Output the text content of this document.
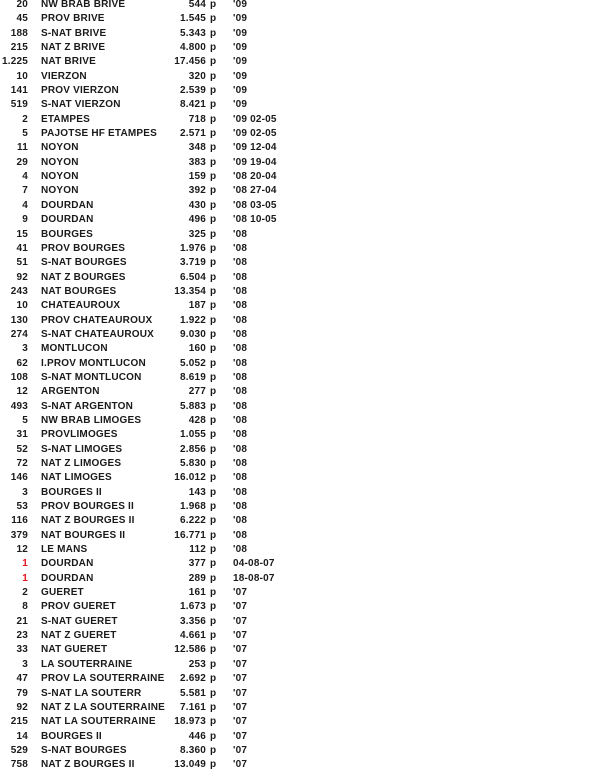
20 NW BRAB BRIVE	544 p '09
45 PROV BRIVE	1.545 p '09
188 S-NAT BRIVE	5.343 p '09
215 NAT Z BRIVE	4.800 p '09
1.225 NAT BRIVE	17.456 p '09
10 VIERZON	320 p '09
141 PROV VIERZON	2.539 p '09
519 S-NAT VIERZON	8.421 p '09
2 ETAMPES	718 p '09 02-05
5 PAJOTSE HF ETAMPES 2.571 p '09 02-05
11 NOYON	348 p '09 12-04
29 NOYON	383 p '09 19-04
4 NOYON	159 p '08 20-04
7 NOYON	392 p '08 27-04
4 DOURDAN	430 p '08 03-05
9 DOURDAN	496 p '08 10-05
15 BOURGES	325 p '08
41 PROV BOURGES	1.976 p '08
51 S-NAT BOURGES	3.719 p '08
92 NAT Z BOURGES	6.504 p '08
243 NAT BOURGES	13.354 p '08
10 CHATEAUROUX	187 p '08
130 PROV CHATEAUROUX	1.922 p '08
274 S-NAT CHATEAUROUX	9.030 p '08
3 MONTLUCON	160 p '08
62 I.PROV MONTLUCON	5.052 p '08
108 S-NAT MONTLUCON	8.619 p '08
12 ARGENTON	277 p '08
493 S-NAT ARGENTON	5.883 p '08
5 NW BRAB LIMOGES	428 p '08
31 PROVLIMOGES	1.055 p '08
52 S-NAT LIMOGES	2.856 p '08
72 NAT Z LIMOGES	5.830 p '08
146 NAT LIMOGES	16.012 p '08
3 BOURGES II	143 p '08
53 PROV BOURGES II	1.968 p '08
116 NAT Z BOURGES II	6.222 p '08
379 NAT BOURGES II	16.771 p '08
12 LE MANS	112 p '08
1 DOURDAN	377 p 04-08-07
1 DOURDAN	289 p 18-08-07
2 GUERET	161 p '07
8 PROV GUERET	1.673 p '07
21 S-NAT GUERET	3.356 p '07
23 NAT Z GUERET	4.661 p '07
33 NAT GUERET	12.586 p '07
3 LA SOUTERRAINE	253 p '07
47 PROV LA SOUTERRAINE 2.692 p '07
79 S-NAT LA SOUTERR	5.581 p '07
92 NAT Z LA SOUTERRAINE 7.161 p '07
215 NAT LA SOUTERRAINE 18.973 p '07
14 BOURGES II	446 p '07
529 S-NAT BOURGES	8.360 p '07
758 NAT Z BOURGES II	13.049 p '07
